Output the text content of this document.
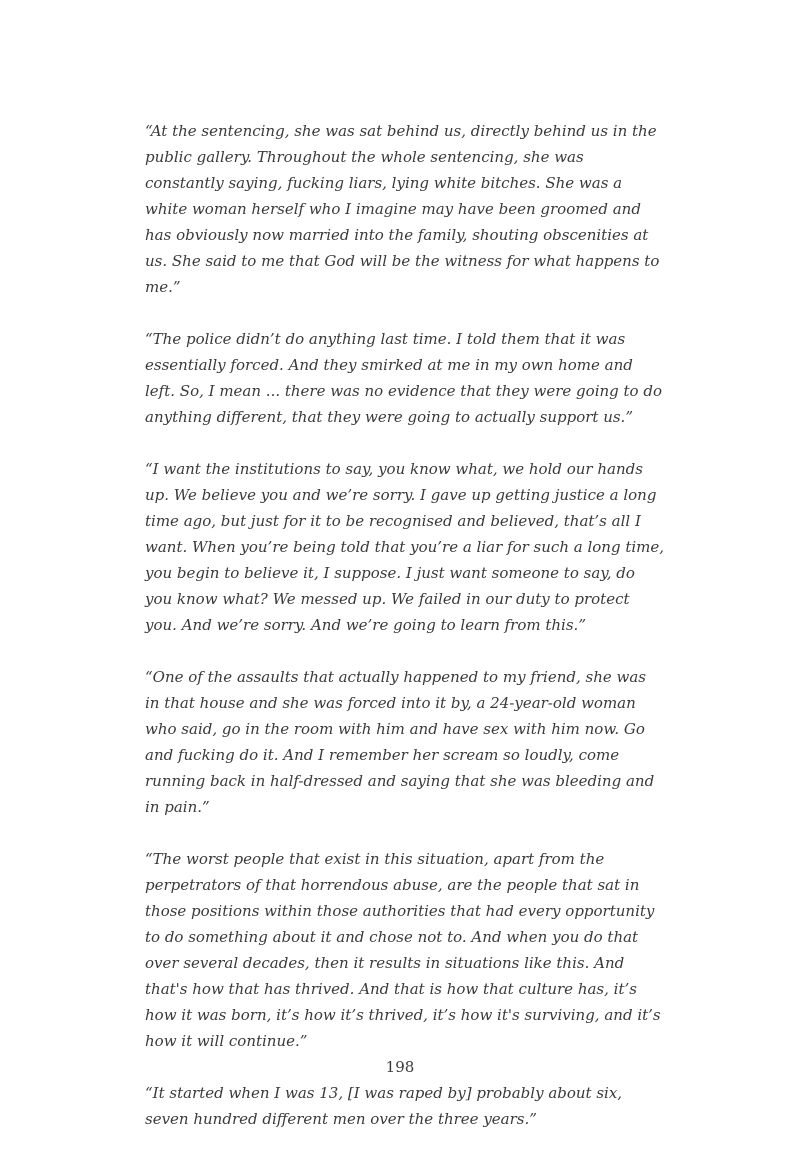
“At the sentencing, she was sat behind us, directly behind us in the public gallery. Throughout the whole sentencing, she was constantly saying, fucking liars, lying white bitches. She was a white woman herself who I imagine may have been groomed and has obviously now married into the family, shouting obscenities at us. She said to me that God will be the witness for what happens to me.”

“The police didn’t do anything last time. I told them that it was essentially forced. And they smirked at me in my own home and left. So, I mean ... there was no evidence that they were going to do anything different, that they were going to actually support us.”

“I want the institutions to say, you know what, we hold our hands up. We believe you and we’re sorry. I gave up getting justice a long time ago, but just for it to be recognised and believed, that’s all I want. When you’re being told that you’re a liar for such a long time, you begin to believe it, I suppose. I just want someone to say, do you know what? We messed up. We failed in our duty to protect you. And we’re sorry. And we’re going to learn from this.”

“One of the assaults that actually happened to my friend, she was in that house and she was forced into it by, a 24-year-old woman who said, go in the room with him and have sex with him now. Go and fucking do it. And I remember her scream so loudly, come running back in half-dressed and saying that she was bleeding and in pain.”

“The worst people that exist in this situation, apart from the perpetrators of that horrendous abuse, are the people that sat in those positions within those authorities that had every opportunity to do something about it and chose not to. And when you do that over several decades, then it results in situations like this. And that's how that has thrived. And that is how that culture has, it’s how it was born, it’s how it’s thrived, it’s how it's surviving, and it’s how it will continue.”

“It started when I was 13, [I was raped by] probably about six, seven hundred different men over the three years.”

198
